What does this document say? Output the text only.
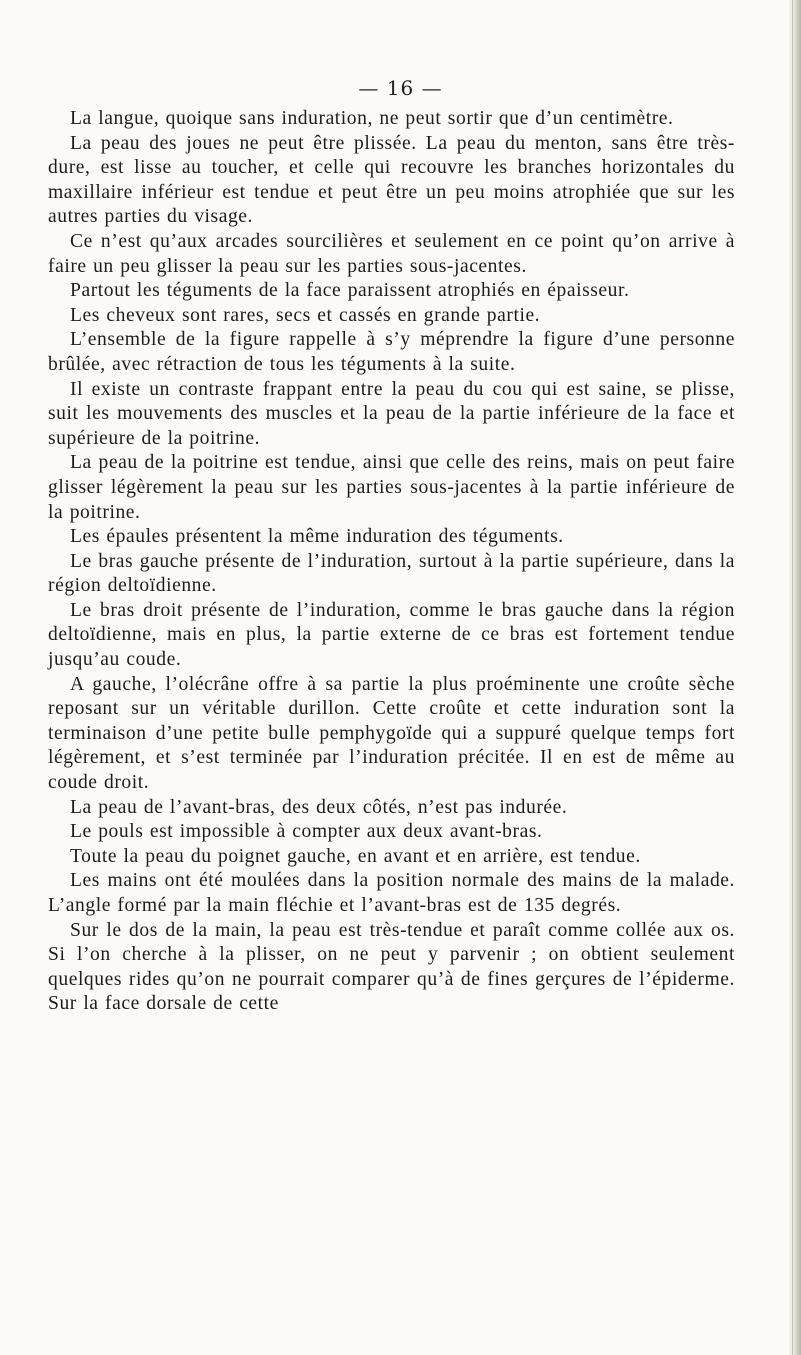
— 16 —

La langue, quoique sans induration, ne peut sortir que d’un centimètre.

La peau des joues ne peut être plissée. La peau du menton, sans être très-dure, est lisse au toucher, et celle qui recouvre les branches horizontales du maxillaire inférieur est tendue et peut être un peu moins atrophiée que sur les autres parties du visage.

Ce n’est qu’aux arcades sourcilières et seulement en ce point qu’on arrive à faire un peu glisser la peau sur les parties sous-jacentes.

Partout les téguments de la face paraissent atrophiés en épaisseur.

Les cheveux sont rares, secs et cassés en grande partie.

L’ensemble de la figure rappelle à s’y méprendre la figure d’une personne brûlée, avec rétraction de tous les téguments à la suite.

Il existe un contraste frappant entre la peau du cou qui est saine, se plisse, suit les mouvements des muscles et la peau de la partie inférieure de la face et supérieure de la poitrine.

La peau de la poitrine est tendue, ainsi que celle des reins, mais on peut faire glisser légèrement la peau sur les parties sous-jacentes à la partie inférieure de la poitrine.

Les épaules présentent la même induration des téguments.

Le bras gauche présente de l’induration, surtout à la partie supérieure, dans la région deltoïdienne.

Le bras droit présente de l’induration, comme le bras gauche dans la région deltoïdienne, mais en plus, la partie externe de ce bras est fortement tendue jusqu’au coude.

A gauche, l’olécrâne offre à sa partie la plus proéminente une croûte sèche reposant sur un véritable durillon. Cette croûte et cette induration sont la terminaison d’une petite bulle pemphygoïde qui a suppuré quelque temps fort légèrement, et s’est terminée par l’induration précitée. Il en est de même au coude droit.

La peau de l’avant-bras, des deux côtés, n’est pas indurée.

Le pouls est impossible à compter aux deux avant-bras.

Toute la peau du poignet gauche, en avant et en arrière, est tendue.

Les mains ont été moulées dans la position normale des mains de la malade. L’angle formé par la main fléchie et l’avant-bras est de 135 degrés.

Sur le dos de la main, la peau est très-tendue et paraît comme collée aux os. Si l’on cherche à la plisser, on ne peut y parvenir ; on obtient seulement quelques rides qu’on ne pourrait comparer qu’à de fines gerçures de l’épiderme. Sur la face dorsale de cette
